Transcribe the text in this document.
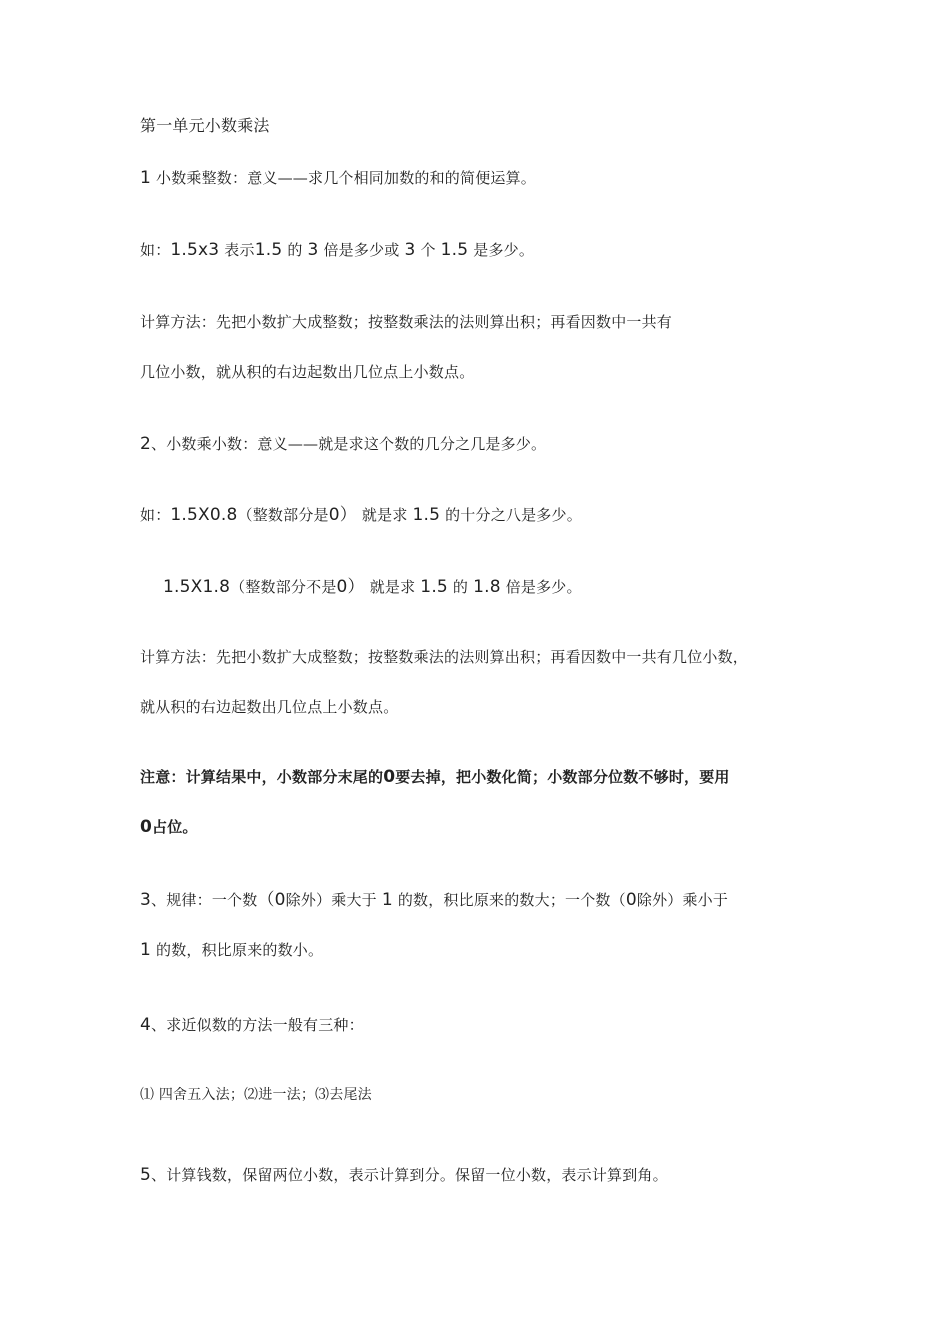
第一单元小数乘法
1 小数乘整数：意义——求几个相同加数的和的简便运算。
如：1.5x3 表示1.5 的 3 倍是多少或 3 个 1.5 是多少。
计算方法：先把小数扩大成整数；按整数乘法的法则算出积；再看因数中一共有
几位小数，就从积的右边起数出几位点上小数点。
2、小数乘小数：意义——就是求这个数的几分之几是多少。
如：1.5X0.8（整数部分是0） 就是求 1.5 的十分之八是多少。
1.5X1.8（整数部分不是0） 就是求 1.5 的 1.8 倍是多少。
计算方法：先把小数扩大成整数；按整数乘法的法则算出积；再看因数中一共有几位小数，
就从积的右边起数出几位点上小数点。
注意：计算结果中，小数部分末尾的0要去掉，把小数化简；小数部分位数不够时，要用
0占位。
3、规律：一个数（0除外）乘大于 1 的数，积比原来的数大；一个数（0除外）乘小于
1 的数，积比原来的数小。
4、求近似数的方法一般有三种：
⑴ 四舍五入法；⑵进一法；⑶去尾法
5、计算钱数，保留两位小数，表示计算到分。保留一位小数，表示计算到角。
